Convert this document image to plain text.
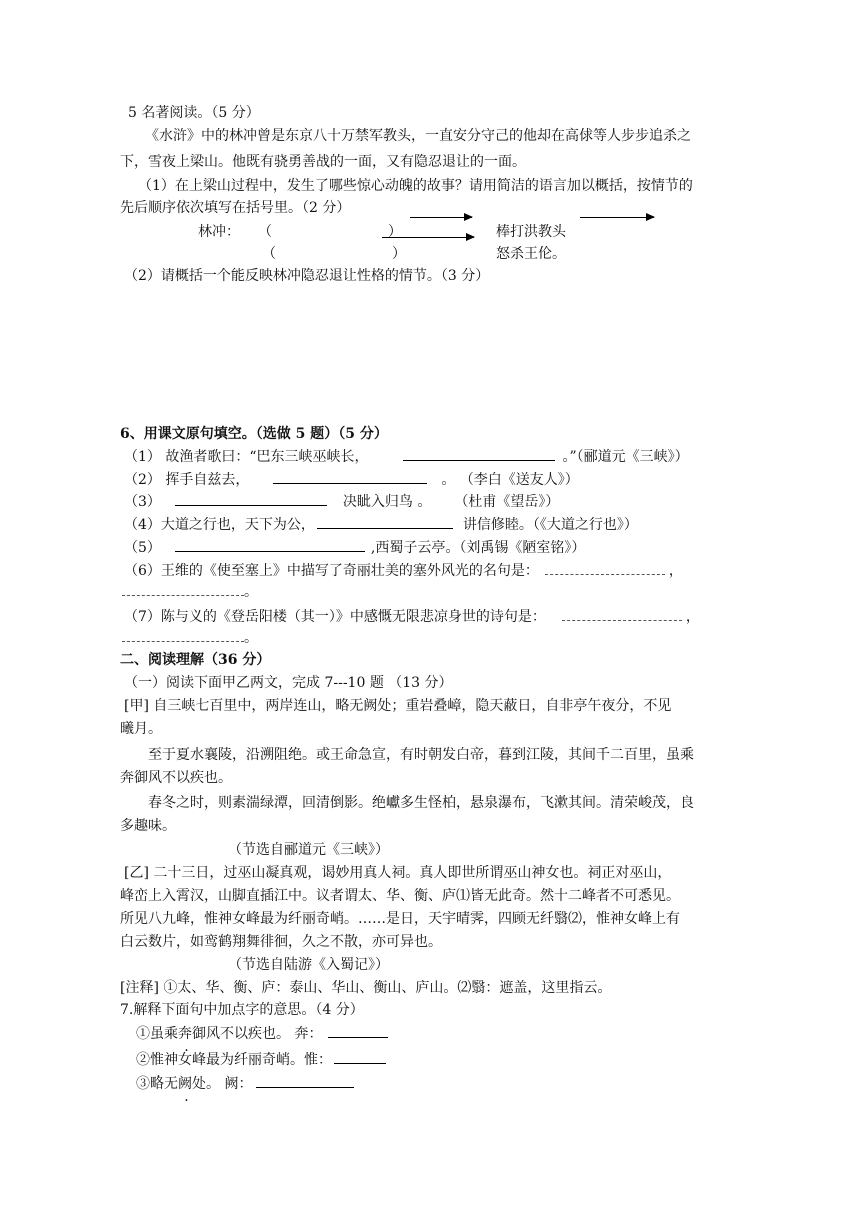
5 名著阅读。（5 分）
《水浒》中的林冲曾是东京八十万禁军教头，一直安分守己的他却在高俅等人步步追杀之
下，雪夜上梁山。他既有骁勇善战的一面，又有隐忍退让的一面。
（1）在上梁山过程中，发生了哪些惊心动魄的故事？请用简洁的语言加以概括，按情节的
先后顺序依次填写在括号里。（2 分）
林冲： （	）	棒打洪教头
（	）	怒杀王伦。
（2）请概括一个能反映林冲隐忍退让性格的情节。（3 分）
6、用课文原句填空。（选做 5 题）（5 分）
（1） 故渔者歌曰：“巴东三峡巫峡长，	。”（郦道元《三峡》）
（2） 挥手自兹去，	。 （李白《送友人》）
（3）	决眦入归鸟 。 （杜甫《望岳》）
（4）大道之行也，天下为公，	讲信修睦。（《大道之行也》）
（5）	,西蜀子云亭。（刘禹锡《陋室铭》）
（6）王维的《使至塞上》中描写了奇丽壮美的塞外风光的名句是：	，
。
（7）陈与义的《登岳阳楼（其一）》中感慨无限悲凉身世的诗句是：	，
。
二、阅读理解（36 分）
（一）阅读下面甲乙两文，完成 7---10 题 （13 分）
[甲] 自三峡七百里中，两岸连山，略无阙处；重岩叠嶂，隐天蔽日，自非亭午夜分，不见
曦月。
至于夏水襄陵，沿溯阻绝。或王命急宣，有时朝发白帝，暮到江陵，其间千二百里，虽乘
奔御风不以疾也。
春冬之时，则素湍绿潭，回清倒影。绝巘多生怪柏，悬泉瀑布，飞漱其间。清荣峻茂，良
多趣味。
（节选自郦道元《三峡》）
[乙] 二十三日，过巫山凝真观，谒妙用真人祠。真人即世所谓巫山神女也。祠正对巫山，
峰峦上入霄汉，山脚直插江中。议者谓太、华、衡、庐⑴皆无此奇。然十二峰者不可悉见。
所见八九峰，惟神女峰最为纤丽奇峭。……是日，天宇晴霁，四顾无纤翳⑵，惟神女峰上有
白云数片，如鸾鹤翔舞徘徊，久之不散，亦可异也。
（节选自陆游《入蜀记》）
[注释] ①太、华、衡、庐：泰山、华山、衡山、庐山。⑵翳：遮盖，这里指云。
7.解释下面句中加点字的意思。（4 分）
①虽乘奔御风不以疾也。 奔：
②惟神女峰最为纤丽奇峭。惟：
③略无阙处。 阙：
